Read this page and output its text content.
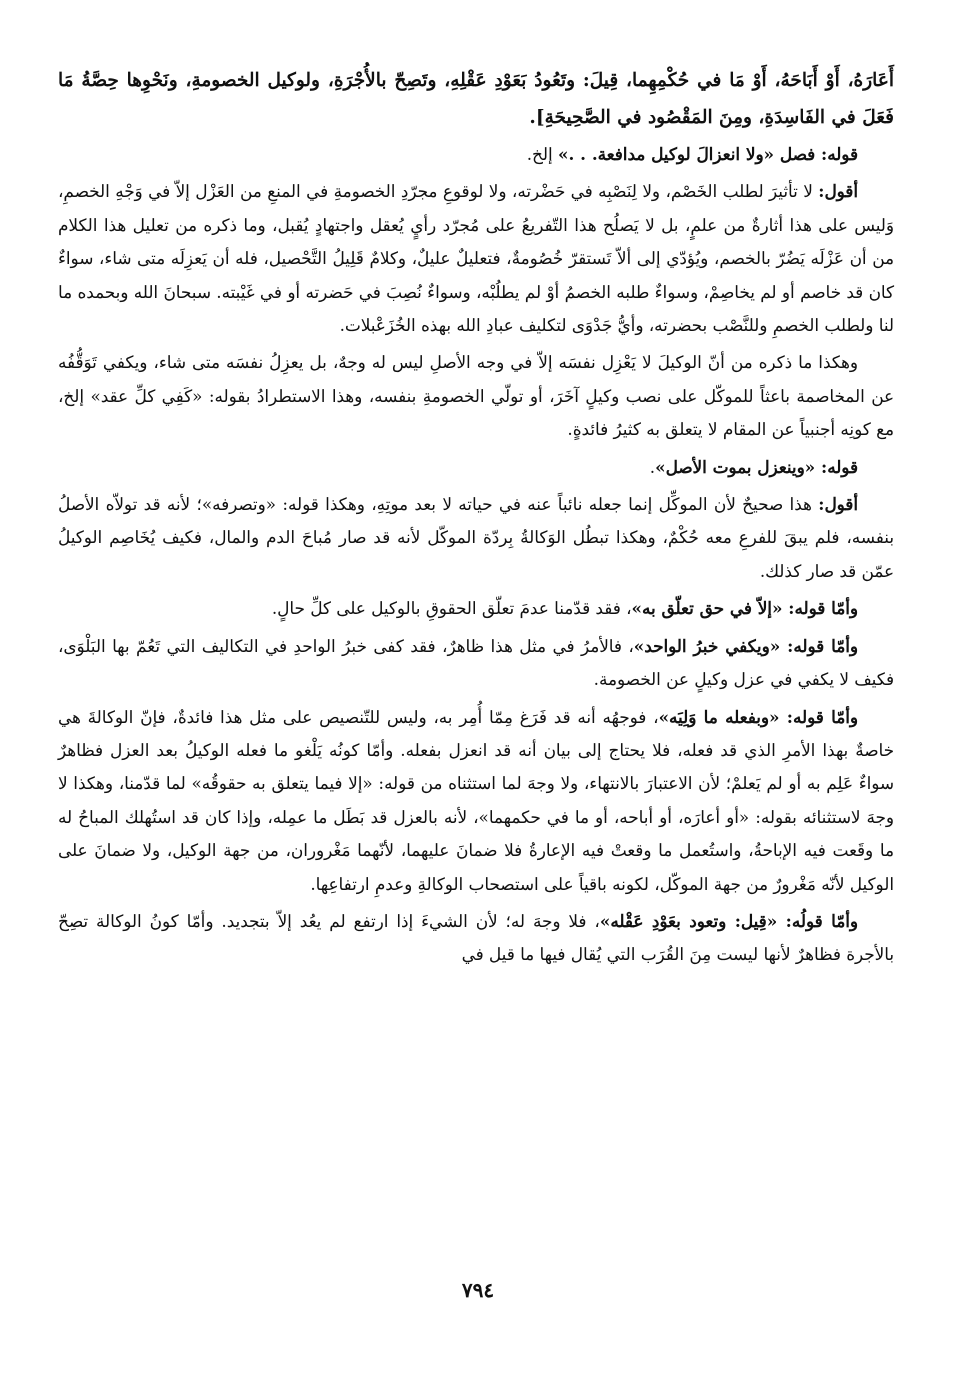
أَعَارَهُ، أَوْ أَبَاحَهُ، أَوْ مَا في حُكْمِهِما، قِيلَ: وتَعُودُ بَعَوْدِ عَقْلِهِ، وتَصِحّ بالأُجْرَةِ، ولوكيل الخصومةِ، ونَحْوِها حِصَّةُ مَا فَعَلَ في الفَاسِدَةِ، ومِنَ المَقْصُود في الصَّحِيحَةِ].

قوله: فصل «ولا انعزالَ لوكيل مدافعة. . .» إلخ.

أقول: لا تأثيرَ لطلب الخَصْم، ولا لِنَصْبِه في حَضْرته، ولا لوقوعِ مجرّدِ الخصومةِ في المنعِ من العَزْل إلاّ في وَجْهِ الخصمِ، وَليس على هذا أثارةٌ من علمٍ، بل لا يَصلُح هذا التّفريعُ على مُجرّد رأيٍ يُعقل واجتهادٍ يُقبل، وما ذكره من تعليل هذا الكلام من أن عَزْلَه يَضُرّ بالخصم، ويُؤدّي إلى ألاّ تَستقرّ خُصُومةٌ، فتعليلٌ عليلٌ، وكلامٌ قَلِيلُ التَّحْصيل، فله أن يَعزِلَه متى شاء، سواءٌ كان قد خاصم أو لم يخاصِمْ، وسواءٌ طلبه الخصمُ أوْ لم يطلُبْه، وسواءٌ نُصِبَ في حَضرته أو في غَيْبته. سبحانَ الله وبحمده ما لنا ولطلب الخصمِ وللنَّصْب بحضرته، وأيُّ جَدْوَى لتكليف عبادِ الله بهذه الخُزَعْبلات.

وهكذا ما ذكره من أنّ الوكيلَ لا يَعْزِل نفسَه إلاّ في وجه الأصلِ ليس له وجهٌ، بل يعزِلُ نفسَه متى شاء، ويكفي تَوَقُّفُه عن المخاصمة باعثاً للموكّل على نصب وكيلٍ آخَرَ، أو تولّي الخصومةِ بنفسه، وهذا الاستطرادُ بقوله: «كَفِي كلِّ عقد» إلخ، مع كونِه أجنبياً عن المقام لا يتعلق به كثيرُ فائدةٍ.

قوله: «وينعزل بموت الأصل».

أقول: هذا صحيحٌ لأن الموكِّل إنما جعله نائباً عنه في حياته لا بعد موتِهِ، وهكذا قوله: «وتصرفه»؛ لأنه قد تولاّه الأصلُ بنفسه، فلم يبقَ للفرعِ معه حُكْمٌ، وهكذا تبطُل الوَكالةُ بِردّة الموكّل لأنه قد صار مُباحَ الدم والمال، فكيف يُخَاصِم الوكيلُ عمّن قد صار كذلك.

وأمّا قوله: «إلاّ في حق تعلّق به»، فقد قدّمنا عدمَ تعلّق الحقوقِ بالوكيل على كلِّ حالٍ.

وأمّا قوله: «ويكفي خبرُ الواحد»، فالأمرُ في مثل هذا ظاهرٌ، فقد كفى خبرُ الواحدِ في التكاليف التي تَعُمّ بها البَلْوَى، فكيف لا يكفي في عزل وكيلٍ عن الخصومة.

وأمّا قوله: «وبفعله ما وَلِيَه»، فوجهُه أنه قد فَرَغ مِمّا أُمِر به، وليس للتّنصيص على مثل هذا فائدةٌ، فإنّ الوكالةَ هي خاصةٌ بهذا الأمرِ الذي قد فعله، فلا يحتاج إلى بيان أنه قد انعزل بفعله. وأمّا كونُه يَلْغو ما فعله الوكيلُ بعد العزل فظاهرٌ سواءٌ عَلِم به أو لم يَعلمْ؛ لأن الاعتبارَ بالانتهاء، ولا وجهَ لما استثناه من قوله: «إلا فيما يتعلق به حقوقُه» لما قدّمنا، وهكذا لا وجهَ لاستثنائه بقوله: «أو أعارَه، أو أباحه، أو ما في حكمهما»، لأنه بالعزل قد بَطَل ما عمِله، وإذا كان قد استُهلك المباحُ له ما وقَعت فيه الإباحةُ، واستُعمل ما وقعتْ فيه الإعارةُ فلا ضمانَ عليهما، لأنّهما مَغْروران، من جهة الوكيل، ولا ضمانَ على الوكيل لأنّه مَغْرورٌ من جهة الموكّل، لكونه باقياً على استصحاب الوكالةِ وعدمِ ارتفاعِها.

وأمّا قولُه: «قِيل: وتعود بعَوْدِ عَقْله»، فلا وجهَ له؛ لأن الشيءَ إذا ارتفع لم يعُد إلاّ بتجديد. وأمّا كونُ الوكالة تصِحّ بالأجرة فظاهرٌ لأنها ليست مِنَ القُرَب التي يُقال فيها ما قيل في

٧٩٤
